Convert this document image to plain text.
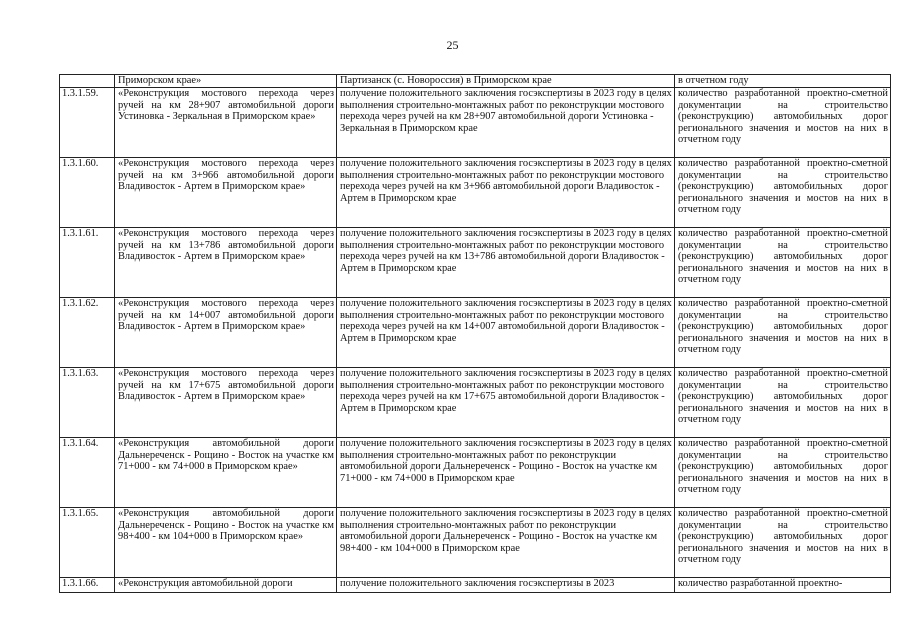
25
	Приморском крае»	Партизанск (с. Новороссия) в Приморском крае	в отчетном году
1.3.1.59.	«Реконструкция мостового перехода через ручей на км 28+907 автомобильной дороги Устиновка - Зеркальная в Приморском крае»	получение положительного заключения госэкспертизы в 2023 году в целях выполнения строительно-монтажных работ по реконструкции мостового перехода через ручей на км 28+907 автомобильной дороги Устиновка - Зеркальная в Приморском крае	количество разработанной проектно-сметной документации на строительство (реконструкцию) автомобильных дорог регионального значения и мостов на них в отчетном году
1.3.1.60.	«Реконструкция мостового перехода через ручей на км 3+966 автомобильной дороги Владивосток - Артем в Приморском крае»	получение положительного заключения госэкспертизы в 2023 году в целях выполнения строительно-монтажных работ по реконструкции мостового перехода через ручей на км 3+966 автомобильной дороги Владивосток - Артем в Приморском крае	количество разработанной проектно-сметной документации на строительство (реконструкцию) автомобильных дорог регионального значения и мостов на них в отчетном году
1.3.1.61.	«Реконструкция мостового перехода через ручей на км 13+786 автомобильной дороги Владивосток - Артем в Приморском крае»	получение положительного заключения госэкспертизы в 2023 году в целях выполнения строительно-монтажных работ по реконструкции мостового перехода через ручей на км 13+786 автомобильной дороги Владивосток - Артем в Приморском крае	количество разработанной проектно-сметной документации на строительство (реконструкцию) автомобильных дорог регионального значения и мостов на них в отчетном году
1.3.1.62.	«Реконструкция мостового перехода через ручей на км 14+007 автомобильной дороги Владивосток - Артем в Приморском крае»	получение положительного заключения госэкспертизы в 2023 году в целях выполнения строительно-монтажных работ по реконструкции мостового перехода через ручей на км 14+007 автомобильной дороги Владивосток - Артем в Приморском крае	количество разработанной проектно-сметной документации на строительство (реконструкцию) автомобильных дорог регионального значения и мостов на них в отчетном году
1.3.1.63.	«Реконструкция мостового перехода через ручей на км 17+675 автомобильной дороги Владивосток - Артем в Приморском крае»	получение положительного заключения госэкспертизы в 2023 году в целях выполнения строительно-монтажных работ по реконструкции мостового перехода через ручей на км 17+675 автомобильной дороги Владивосток - Артем в Приморском крае	количество разработанной проектно-сметной документации на строительство (реконструкцию) автомобильных дорог регионального значения и мостов на них в отчетном году
1.3.1.64.	«Реконструкция автомобильной дороги Дальнереченск - Рощино - Восток на участке км 71+000 - км 74+000 в Приморском крае»	получение положительного заключения госэкспертизы в 2023 году в целях выполнения строительно-монтажных работ по реконструкции автомобильной дороги Дальнереченск - Рощино - Восток на участке км 71+000 - км 74+000 в Приморском крае	количество разработанной проектно-сметной документации на строительство (реконструкцию) автомобильных дорог регионального значения и мостов на них в отчетном году
1.3.1.65.	«Реконструкция автомобильной дороги Дальнереченск - Рощино - Восток на участке км 98+400 - км 104+000 в Приморском крае»	получение положительного заключения госэкспертизы в 2023 году в целях выполнения строительно-монтажных работ по реконструкции автомобильной дороги Дальнереченск - Рощино - Восток на участке км 98+400 - км 104+000 в Приморском крае	количество разработанной проектно-сметной документации на строительство (реконструкцию) автомобильных дорог регионального значения и мостов на них в отчетном году
1.3.1.66.	«Реконструкция автомобильной дороги	получение положительного заключения госэкспертизы в 2023	количество разработанной проектно-
